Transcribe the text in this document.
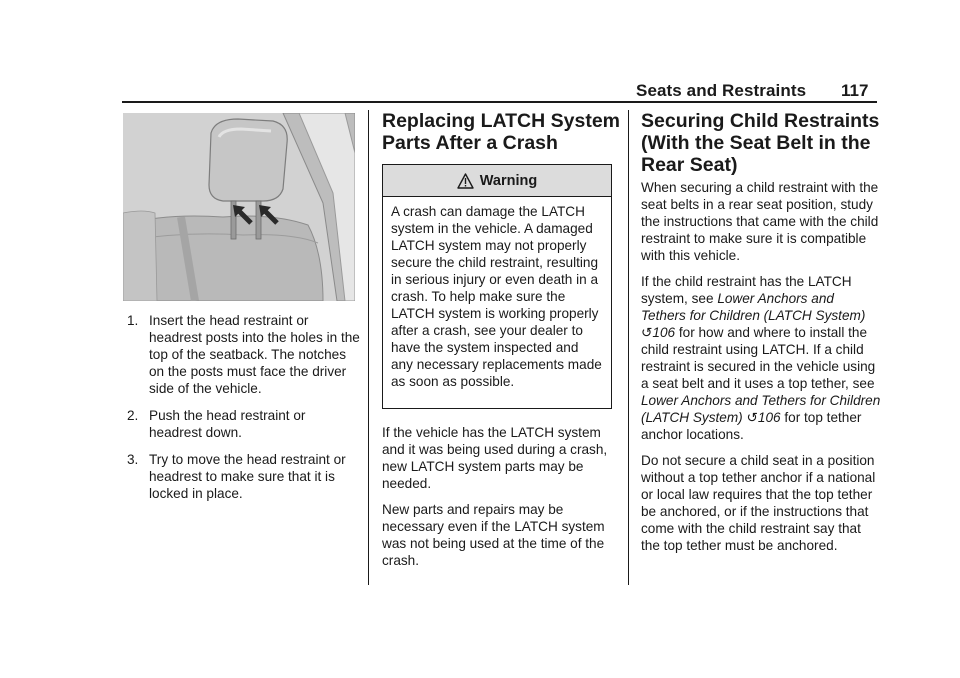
Seats and Restraints 117
1. Insert the head restraint or headrest posts into the holes in the top of the seatback. The notches on the posts must face the driver side of the vehicle.
2. Push the head restraint or headrest down.
3. Try to move the head restraint or headrest to make sure that it is locked in place.
Replacing LATCH System
Parts After a Crash
Warning
A crash can damage the LATCH system in the vehicle. A damaged LATCH system may not properly secure the child restraint, resulting in serious injury or even death in a crash. To help make sure the LATCH system is working properly after a crash, see your dealer to have the system inspected and any necessary replacements made as soon as possible.

If the vehicle has the LATCH system and it was being used during a crash, new LATCH system parts may be needed.

New parts and repairs may be necessary even if the LATCH system was not being used at the time of the crash.

Securing Child Restraints
(With the Seat Belt in the
Rear Seat)

When securing a child restraint with the seat belts in a rear seat position, study the instructions that came with the child restraint to make sure it is compatible with this vehicle.

If the child restraint has the LATCH system, see Lower Anchors and Tethers for Children (LATCH System) ↺106 for how and where to install the child restraint using LATCH. If a child restraint is secured in the vehicle using a seat belt and it uses a top tether, see Lower Anchors and Tethers for Children (LATCH System) ↺106 for top tether anchor locations.

Do not secure a child seat in a position without a top tether anchor if a national or local law requires that the top tether be anchored, or if the instructions that come with the child restraint say that the top tether must be anchored.
